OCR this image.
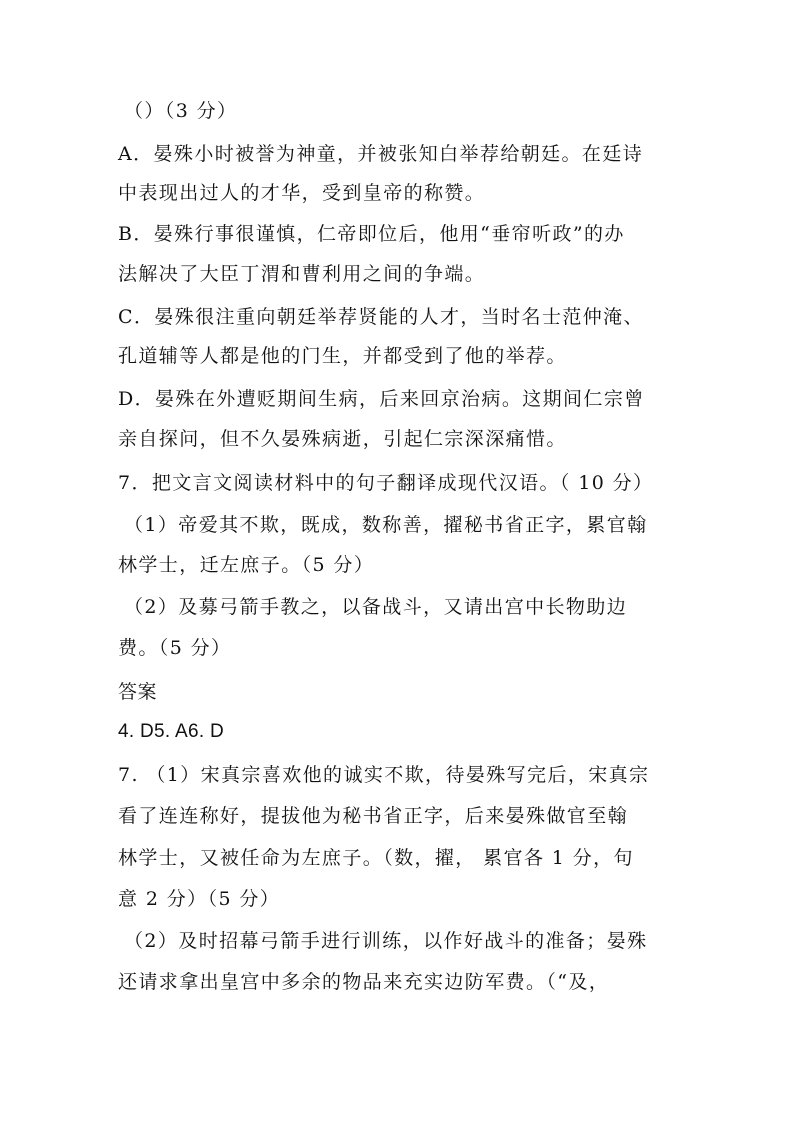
（）（3 分）
A．晏殊小时被誉为神童，并被张知白举荐给朝廷。在廷诗
中表现出过人的才华，受到皇帝的称赞。
B．晏殊行事很谨慎，仁帝即位后，他用“垂帘听政”的办
法解决了大臣丁渭和曹利用之间的争端。
C．晏殊很注重向朝廷举荐贤能的人才，当时名士范仲淹、
孔道辅等人都是他的门生，并都受到了他的举荐。
D．晏殊在外遭贬期间生病，后来回京治病。这期间仁宗曾
亲自探问，但不久晏殊病逝，引起仁宗深深痛惜。
7．把文言文阅读材料中的句子翻译成现代汉语。（ 10 分）
（1）帝爱其不欺，既成，数称善，擢秘书省正字，累官翰
林学士，迁左庶子。（5 分）
（2）及募弓箭手教之，以备战斗，又请出宫中长物助边
费。（5 分）
答案
4. D5. A6. D
7. （1）宋真宗喜欢他的诚实不欺，待晏殊写完后，宋真宗
看了连连称好，提拔他为秘书省正字，后来晏殊做官至翰
林学士，又被任命为左庶子。（数，擢， 累官各 1 分，句
意 2 分）（5 分）
（2）及时招幕弓箭手进行训练，以作好战斗的准备；晏殊
还请求拿出皇宫中多余的物品来充实边防军费。（“及，
